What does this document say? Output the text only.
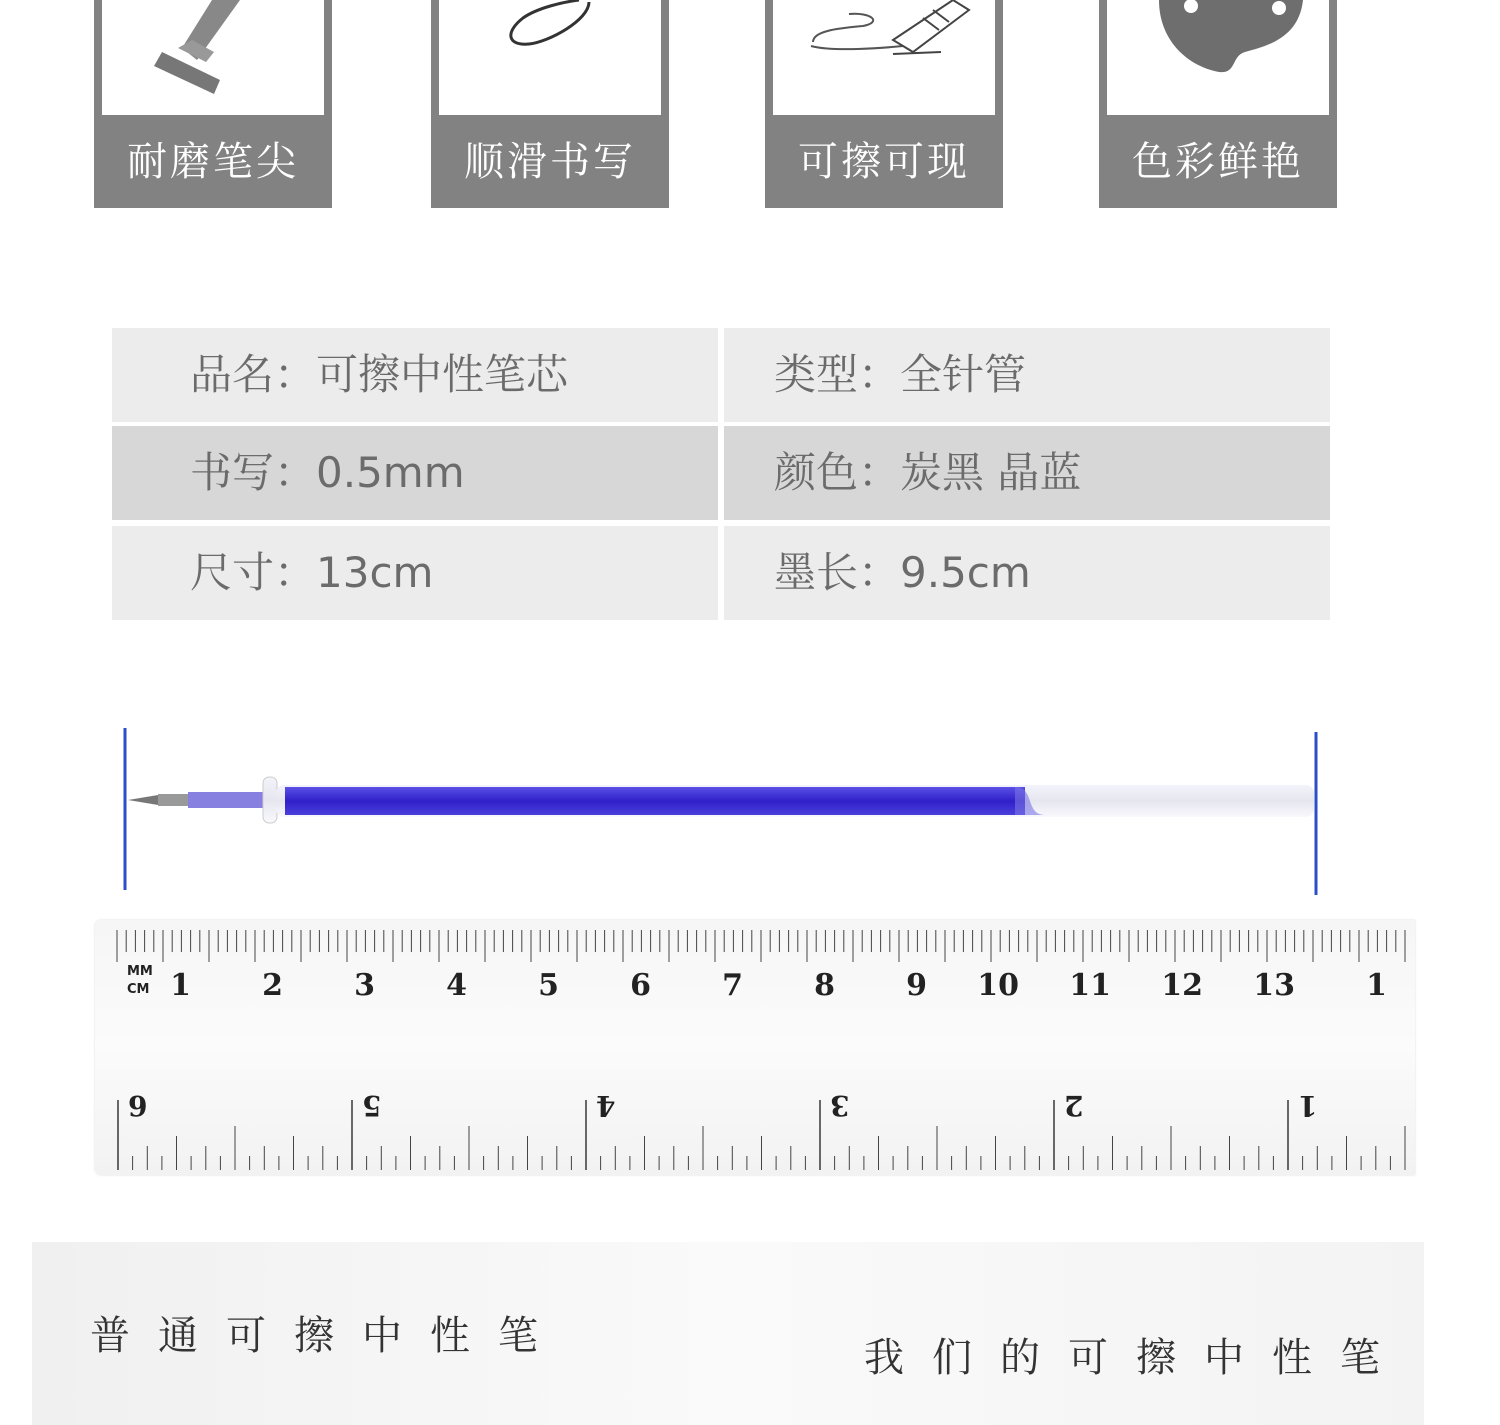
耐磨笔尖	顺滑书写	可擦可现	色彩鲜艳
品名：可擦中性笔芯	类型：全针管
书写：0.5mm	颜色：炭黑 晶蓝
尺寸：13cm	墨长：9.5cm
1 2 3 4 5 6 7 8 9 10 11 12 13 1
6	5	4	3	2	1
MM
CM
普通可擦中性笔	我们的可擦中性笔
